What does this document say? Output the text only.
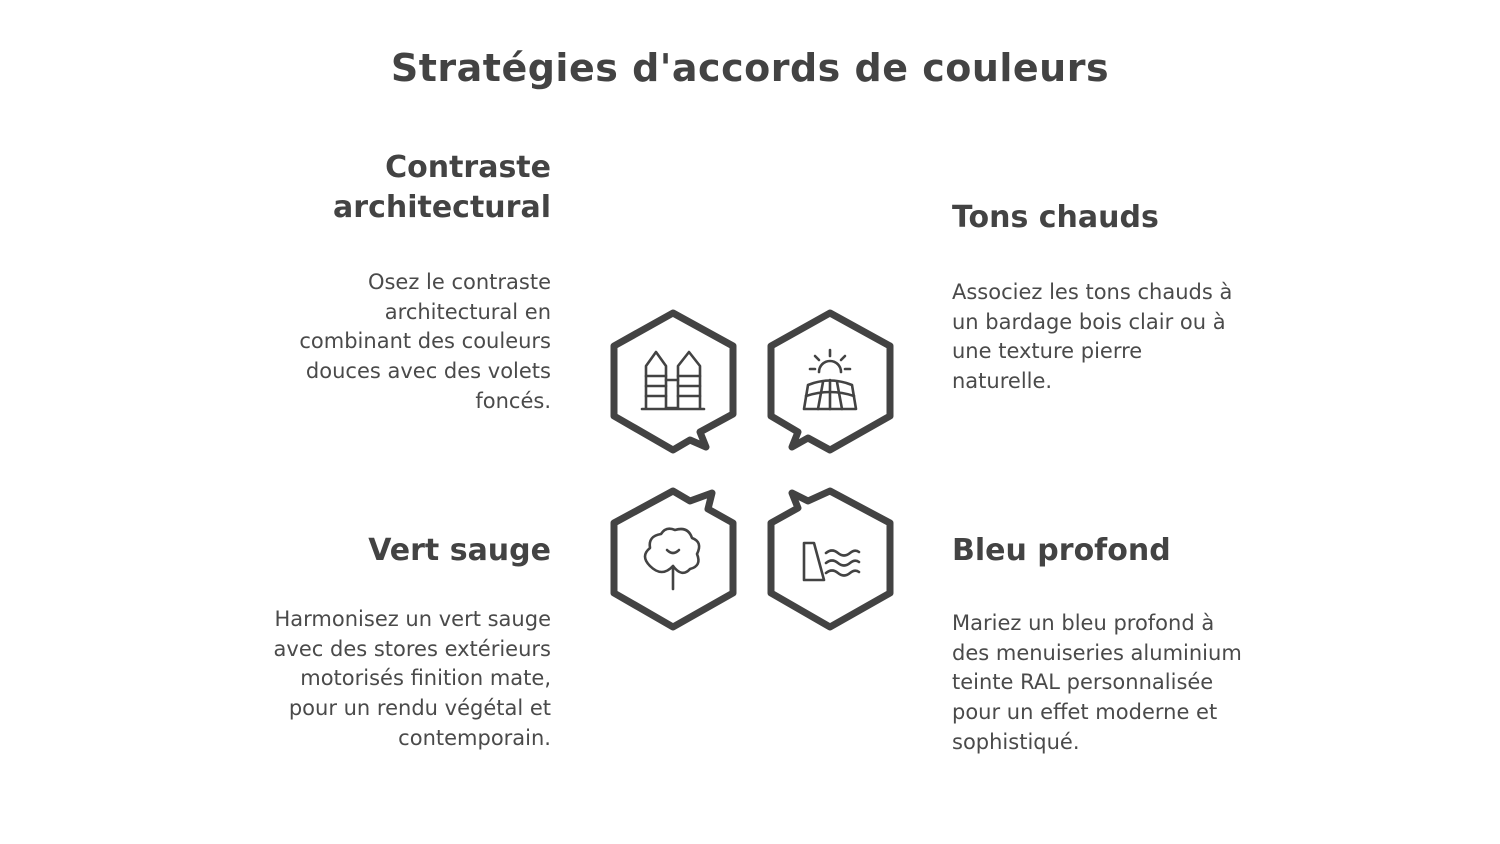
Stratégies d'accords de couleurs
Contraste architectural

Osez le contraste architectural en combinant des couleurs douces avec des volets foncés.

Tons chauds

Associez les tons chauds à un bardage bois clair ou à une texture pierre naturelle.

Vert sauge

Harmonisez un vert sauge avec des stores extérieurs motorisés finition mate, pour un rendu végétal et contemporain.

Bleu profond

Mariez un bleu profond à des menuiseries aluminium teinte RAL personnalisée pour un effet moderne et sophistiqué.
